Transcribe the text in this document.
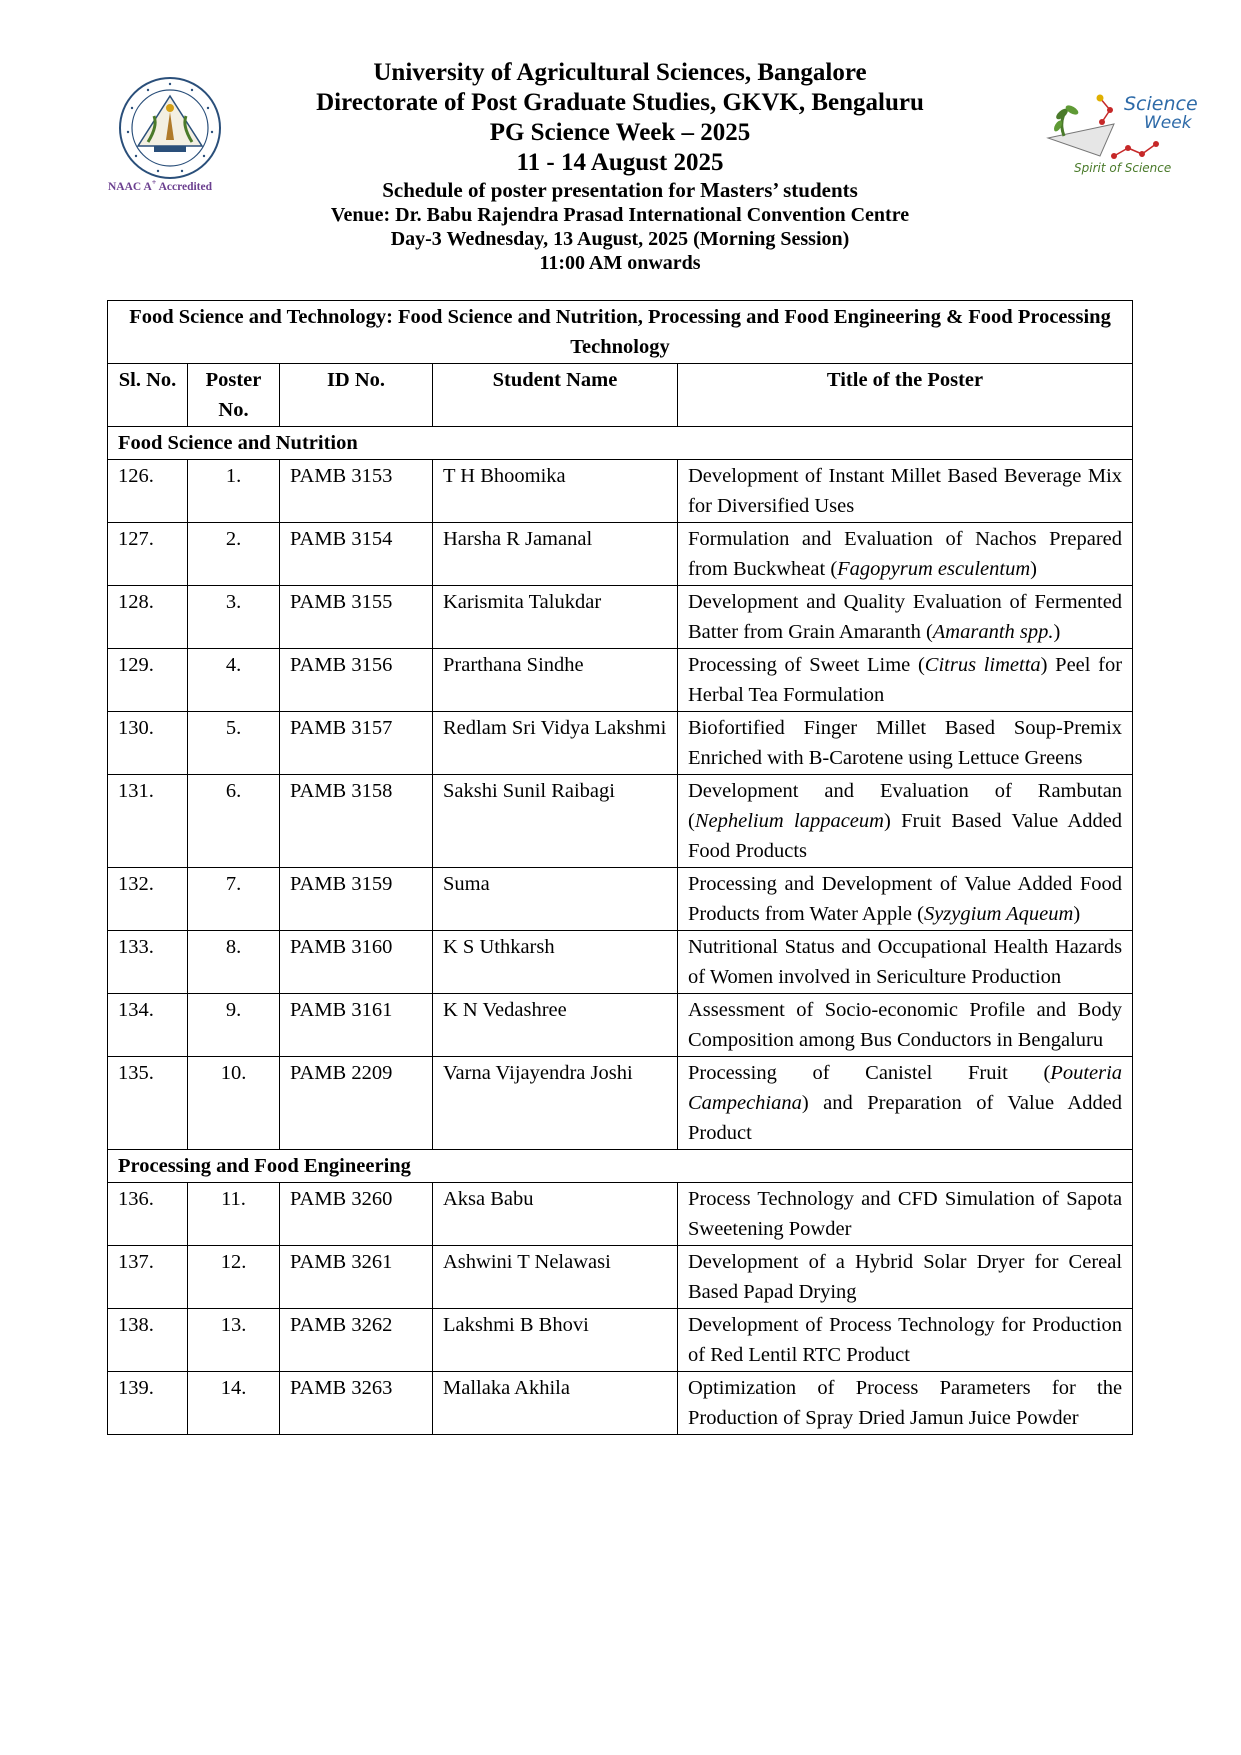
NAAC A+ Accredited
Science
Week
Spirit of Science
University of Agricultural Sciences, Bangalore
Directorate of Post Graduate Studies, GKVK, Bengaluru
PG Science Week – 2025
11 - 14 August 2025
Schedule of poster presentation for Masters’ students
Venue: Dr. Babu Rajendra Prasad International Convention Centre
Day-3 Wednesday, 13 August, 2025 (Morning Session)
11:00 AM onwards
Food Science and Technology: Food Science and Nutrition, Processing and Food Engineering & Food Processing Technology				
Sl. No.	Poster No.	ID No.	Student Name	Title of the Poster
Food Science and Nutrition				
126.	1.	PAMB 3153	T H Bhoomika	Development of Instant Millet Based Beverage Mix for Diversified Uses
127.	2.	PAMB 3154	Harsha R Jamanal	Formulation and Evaluation of Nachos Prepared from Buckwheat (Fagopyrum esculentum)
128.	3.	PAMB 3155	Karismita Talukdar	Development and Quality Evaluation of Fermented Batter from Grain Amaranth (Amaranth spp.)
129.	4.	PAMB 3156	Prarthana Sindhe	Processing of Sweet Lime (Citrus limetta) Peel for Herbal Tea Formulation
130.	5.	PAMB 3157	Redlam Sri Vidya Lakshmi	Biofortified Finger Millet Based Soup-Premix Enriched with B-Carotene using Lettuce Greens
131.	6.	PAMB 3158	Sakshi Sunil Raibagi	Development and Evaluation of Rambutan (Nephelium lappaceum) Fruit Based Value Added Food Products
132.	7.	PAMB 3159	Suma	Processing and Development of Value Added Food Products from Water Apple (Syzygium Aqueum)
133.	8.	PAMB 3160	K S Uthkarsh	Nutritional Status and Occupational Health Hazards of Women involved in Sericulture Production
134.	9.	PAMB 3161	K N Vedashree	Assessment of Socio-economic Profile and Body Composition among Bus Conductors in Bengaluru
135.	10.	PAMB 2209	Varna Vijayendra Joshi	Processing of Canistel Fruit (Pouteria Campechiana) and Preparation of Value Added Product
Processing and Food Engineering				
136.	11.	PAMB 3260	Aksa Babu	Process Technology and CFD Simulation of Sapota Sweetening Powder
137.	12.	PAMB 3261	Ashwini T Nelawasi	Development of a Hybrid Solar Dryer for Cereal Based Papad Drying
138.	13.	PAMB 3262	Lakshmi B Bhovi	Development of Process Technology for Production of Red Lentil RTC Product
139.	14.	PAMB 3263	Mallaka Akhila	Optimization of Process Parameters for the Production of Spray Dried Jamun Juice Powder
